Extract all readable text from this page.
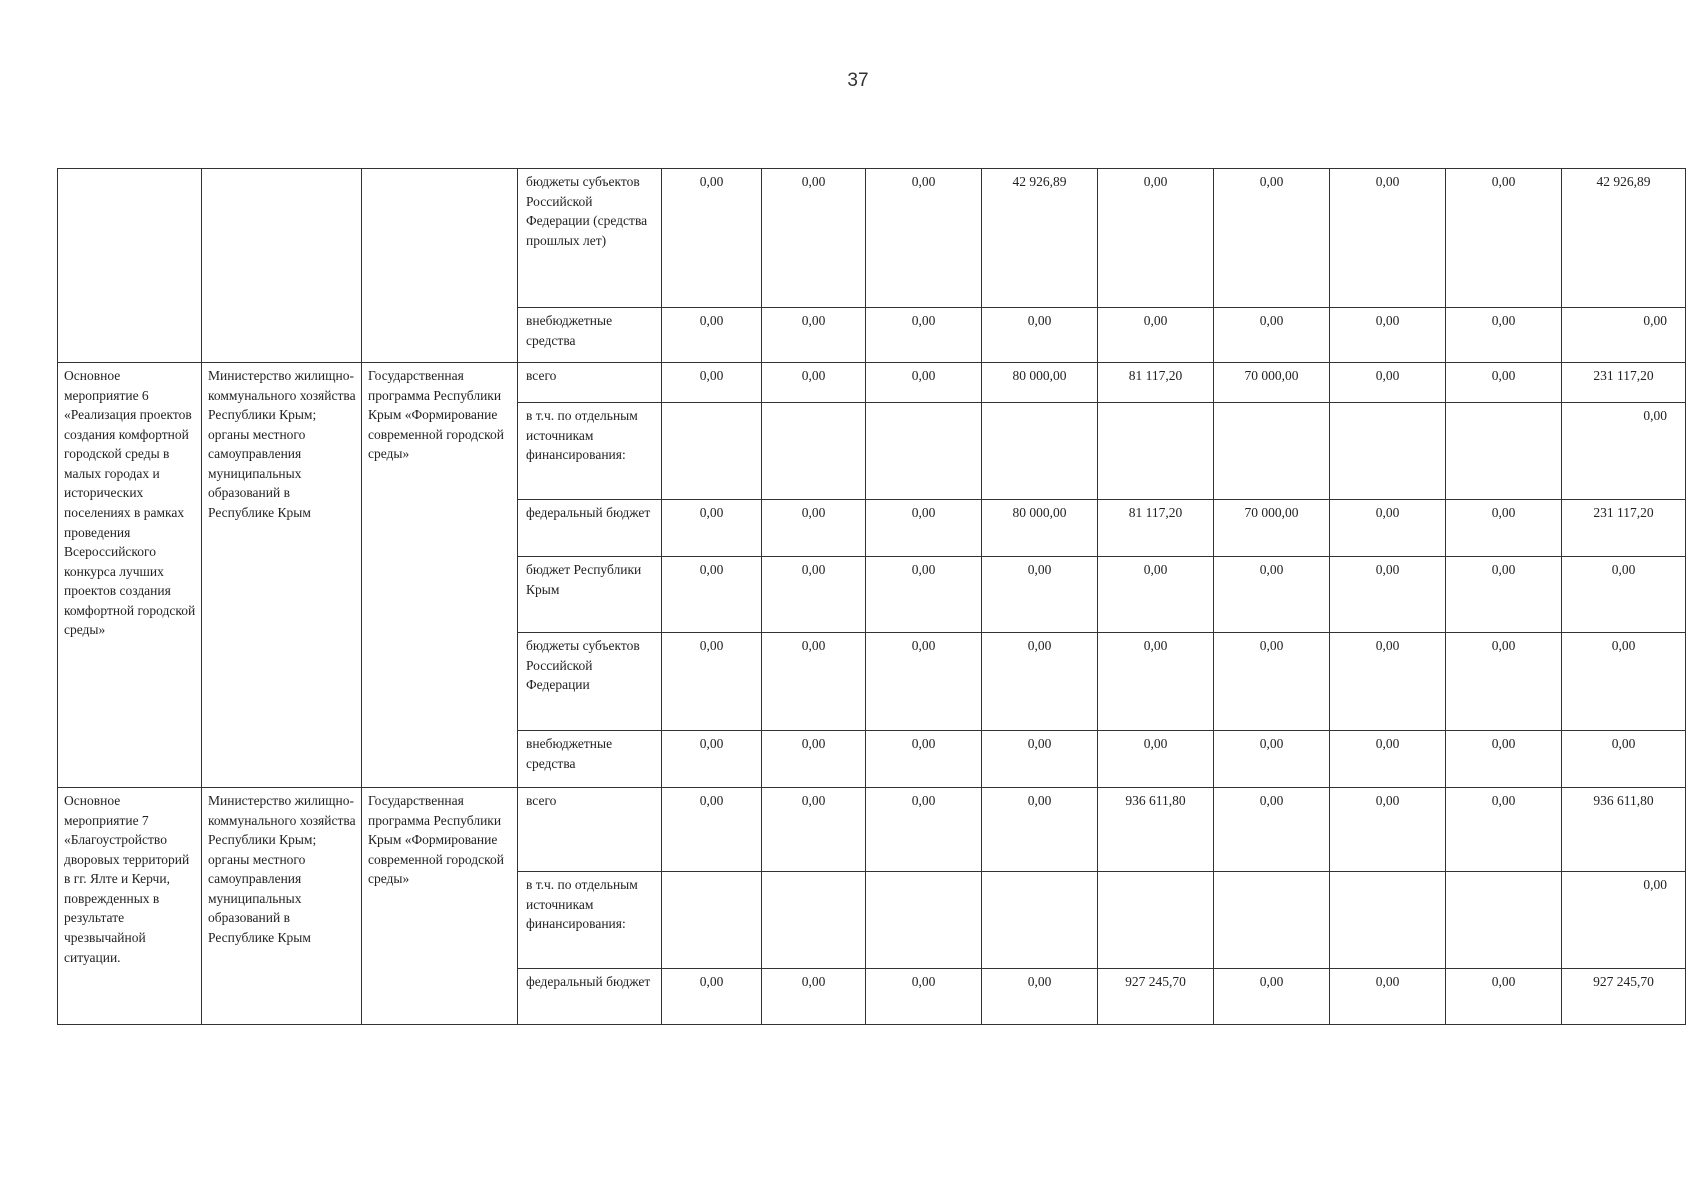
37
			бюджеты субъектов Российской Федерации (средства прошлых лет)	0,00	0,00	0,00	42 926,89	0,00	0,00	0,00	0,00	42 926,89
			внебюджетные средства	0,00	0,00	0,00	0,00	0,00	0,00	0,00	0,00	0,00
Основное мероприятие 6 «Реализация проектов создания комфортной городской среды в малых городах и исторических поселениях в рамках проведения Всероссийского конкурса лучших проектов создания комфортной городской среды»	Министерство жилищно-коммунального хозяйства Республики Крым; органы местного самоуправления муниципальных образований в Республике Крым	Государственная программа Республики Крым «Формирование современной городской среды»	всего	0,00	0,00	0,00	80 000,00	81 117,20	70 000,00	0,00	0,00	231 117,20
			в т.ч. по отдельным источникам финансирования:									0,00
			федеральный бюджет	0,00	0,00	0,00	80 000,00	81 117,20	70 000,00	0,00	0,00	231 117,20
			бюджет Республики Крым	0,00	0,00	0,00	0,00	0,00	0,00	0,00	0,00	0,00
			бюджеты субъектов Российской Федерации	0,00	0,00	0,00	0,00	0,00	0,00	0,00	0,00	0,00
			внебюджетные средства	0,00	0,00	0,00	0,00	0,00	0,00	0,00	0,00	0,00
Основное мероприятие 7 «Благоустройство дворовых территорий в гг. Ялте и Керчи, поврежденных в результате чрезвычайной ситуации.	Министерство жилищно-коммунального хозяйства Республики Крым; органы местного самоуправления муниципальных образований в Республике Крым	Государственная программа Республики Крым «Формирование современной городской среды»	всего	0,00	0,00	0,00	0,00	936 611,80	0,00	0,00	0,00	936 611,80
			в т.ч. по отдельным источникам финансирования:									0,00
			федеральный бюджет	0,00	0,00	0,00	0,00	927 245,70	0,00	0,00	0,00	927 245,70
